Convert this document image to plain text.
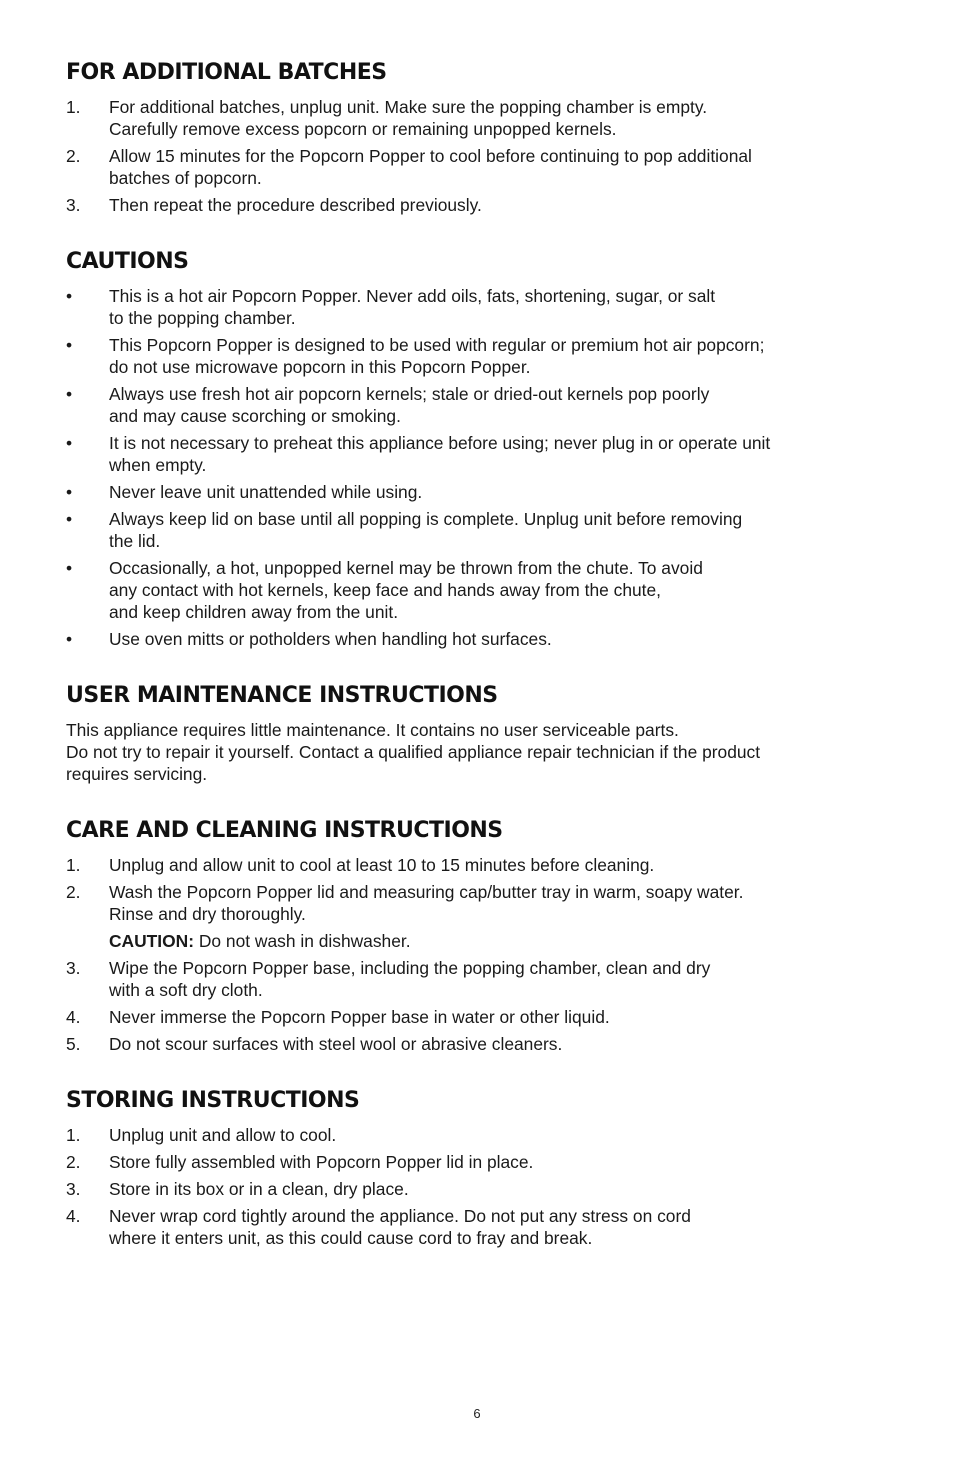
FOR ADDITIONAL BATCHES
1.	For additional batches, unplug unit. Make sure the popping chamber is empty.
Carefully remove excess popcorn or remaining unpopped kernels.
2.	Allow 15 minutes for the Popcorn Popper to cool before continuing to pop additional
batches of popcorn.
3.	Then repeat the procedure described previously.
CAUTIONS
•	This is a hot air Popcorn Popper. Never add oils, fats, shortening, sugar, or salt
to the popping chamber.
•	This Popcorn Popper is designed to be used with regular or premium hot air popcorn;
do not use microwave popcorn in this Popcorn Popper.
•	Always use fresh hot air popcorn kernels; stale or dried-out kernels pop poorly
and may cause scorching or smoking.
•	It is not necessary to preheat this appliance before using; never plug in or operate unit
when empty.
•	Never leave unit unattended while using.
•	Always keep lid on base until all popping is complete. Unplug unit before removing
the lid.
•	Occasionally, a hot, unpopped kernel may be thrown from the chute. To avoid
any contact with hot kernels, keep face and hands away from the chute,
and keep children away from the unit.
•	Use oven mitts or potholders when handling hot surfaces.
USER MAINTENANCE INSTRUCTIONS
This appliance requires little maintenance. It contains no user serviceable parts.
Do not try to repair it yourself. Contact a qualified appliance repair technician if the product
requires servicing.
CARE AND CLEANING INSTRUCTIONS
1.	Unplug and allow unit to cool at least 10 to 15 minutes before cleaning.
2.	Wash the Popcorn Popper lid and measuring cap/butter tray in warm, soapy water.
Rinse and dry thoroughly.
CAUTION: Do not wash in dishwasher.
3.	Wipe the Popcorn Popper base, including the popping chamber, clean and dry
with a soft dry cloth.
4.	Never immerse the Popcorn Popper base in water or other liquid.
5.	Do not scour surfaces with steel wool or abrasive cleaners.
STORING INSTRUCTIONS
1.	Unplug unit and allow to cool.
2.	Store fully assembled with Popcorn Popper lid in place.
3.	Store in its box or in a clean, dry place.
4.	Never wrap cord tightly around the appliance. Do not put any stress on cord
where it enters unit, as this could cause cord to fray and break.
6
